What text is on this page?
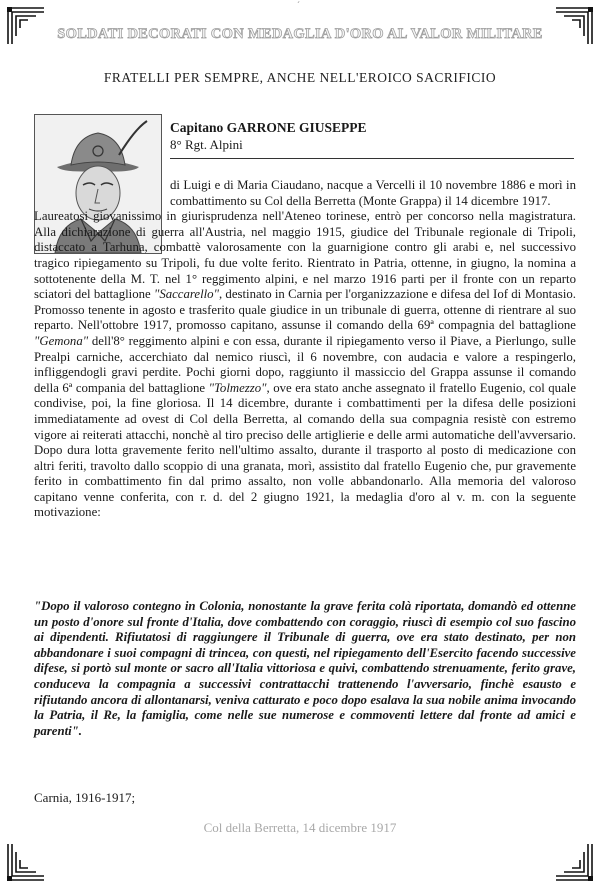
´
SOLDATI DECORATI CON MEDAGLIA D'ORO AL VALOR MILITARE
FRATELLI PER SEMPRE, ANCHE NELL'EROICO SACRIFICIO
Capitano GARRONE GIUSEPPE
8° Rgt. Alpini

di Luigi e di Maria Ciaudano, nacque a Vercelli il 10 novembre 1886 e morì in combattimento su Col della Berretta (Monte Grappa) il 14 dicembre 1917.

Laureatosi giovanissimo in giurisprudenza nell'Ateneo torinese, entrò per concorso nella magistratura. Alla dichiarazione di guerra all'Austria, nel maggio 1915, giudice del Tribunale regionale di Tripoli, distaccato a Tarhuna, combattè valorosamente con la guarnigione contro gli arabi e, nel successivo tragico ripiegamento su Tripoli, fu due volte ferito. Rientrato in Patria, ottenne, in giugno, la nomina a sottotenente della M. T. nel 1° reggimento alpini, e nel marzo 1916 parti per il fronte con un reparto sciatori del battaglione "Saccarello", destinato in Carnia per l'organizzazione e difesa del Iof di Montasio. Promosso tenente in agosto e trasferito quale giudice in un tribunale di guerra, ottenne di rientrare al suo reparto. Nell'ottobre 1917, promosso capitano, assunse il comando della 69ª compagnia del battaglione "Gemona" dell'8° reggimento alpini e con essa, durante il ripiegamento verso il Piave, a Pierlungo, sulle Prealpi carniche, accerchiato dal nemico riuscì, il 6 novembre, con audacia e valore a respingerlo, infliggendogli gravi perdite. Pochi giorni dopo, raggiunto il massiccio del Grappa assunse il comando della 6ª compania del battaglione "Tolmezzo", ove era stato anche assegnato il fratello Eugenio, col quale condivise, poi, la fine gloriosa. Il 14 dicembre, durante i combattimenti per la difesa delle posizioni immediatamente ad ovest di Col della Berretta, al comando della sua compagnia resistè con estremo vigore ai reiterati attacchi, nonchè al tiro preciso delle artiglierie e delle armi automatiche dell'avversario. Dopo dura lotta gravemente ferito nell'ultimo assalto, durante il trasporto al posto di medicazione con altri feriti, travolto dallo scoppio di una granata, morì, assistito dal fratello Eugenio che, pur gravemente ferito in combattimento fin dal primo assalto, non volle abbandonarlo. Alla memoria del valoroso capitano venne conferita, con r. d. del 2 giugno 1921, la medaglia d'oro al v. m. con la seguente motivazione:

"Dopo il valoroso contegno in Colonia, nonostante la grave ferita colà riportata, domandò ed ottenne un posto d'onore sul fronte d'Italia, dove combattendo con coraggio, riuscì di esempio col suo fascino ai dipendenti. Rifiutatosi di raggiungere il Tribunale di guerra, ove era stato destinato, per non abbandonare i suoi compagni di trincea, con questi, nel ripiegamento dell'Esercito facendo successive difese, si portò sul monte or sacro all'Italia vittoriosa e quivi, combattendo strenuamente, ferito grave, conduceva la compagnia a successivi contrattacchi trattenendo l'avversario, finchè esausto e rifiutando ancora di allontanarsi, veniva catturato e poco dopo esalava la sua nobile anima invocando la Patria, il Re, la famiglia, come nelle sue numerose e commoventi lettere dal fronte ad amici e parenti".
Carnia, 1916-1917;
Col della Berretta, 14 dicembre 1917
